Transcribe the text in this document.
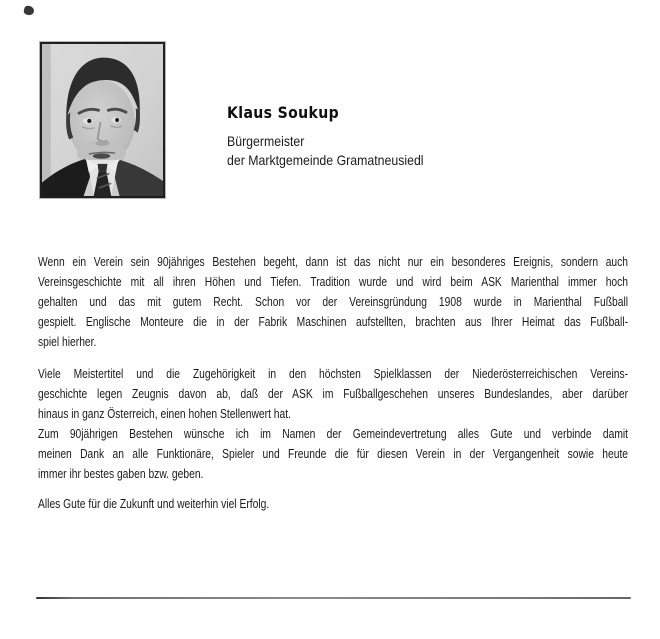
Klaus Soukup
Bürgermeister
der Marktgemeinde Gramatneusiedl
Wenn ein Verein sein 90jähriges Bestehen begeht, dann ist das nicht nur ein besonderes Ereignis, sondern auch
Vereinsgeschichte mit all ihren Höhen und Tiefen. Tradition wurde und wird beim ASK Marienthal immer hoch
gehalten und das mit gutem Recht. Schon vor der Vereinsgründung 1908 wurde in Marienthal Fußball
gespielt. Englische Monteure die in der Fabrik Maschinen aufstellten, brachten aus Ihrer Heimat das Fußball-
spiel hierher.
Viele Meistertitel und die Zugehörigkeit in den höchsten Spielklassen der Niederösterreichischen Vereins-
geschichte legen Zeugnis davon ab, daß der ASK im Fußballgeschehen unseres Bundeslandes, aber darüber
hinaus in ganz Österreich, einen hohen Stellenwert hat.
Zum 90jährigen Bestehen wünsche ich im Namen der Gemeindevertretung alles Gute und verbinde damit
meinen Dank an alle Funktionäre, Spieler und Freunde die für diesen Verein in der Vergangenheit sowie heute
immer ihr bestes gaben bzw. geben.
Alles Gute für die Zukunft und weiterhin viel Erfolg.
